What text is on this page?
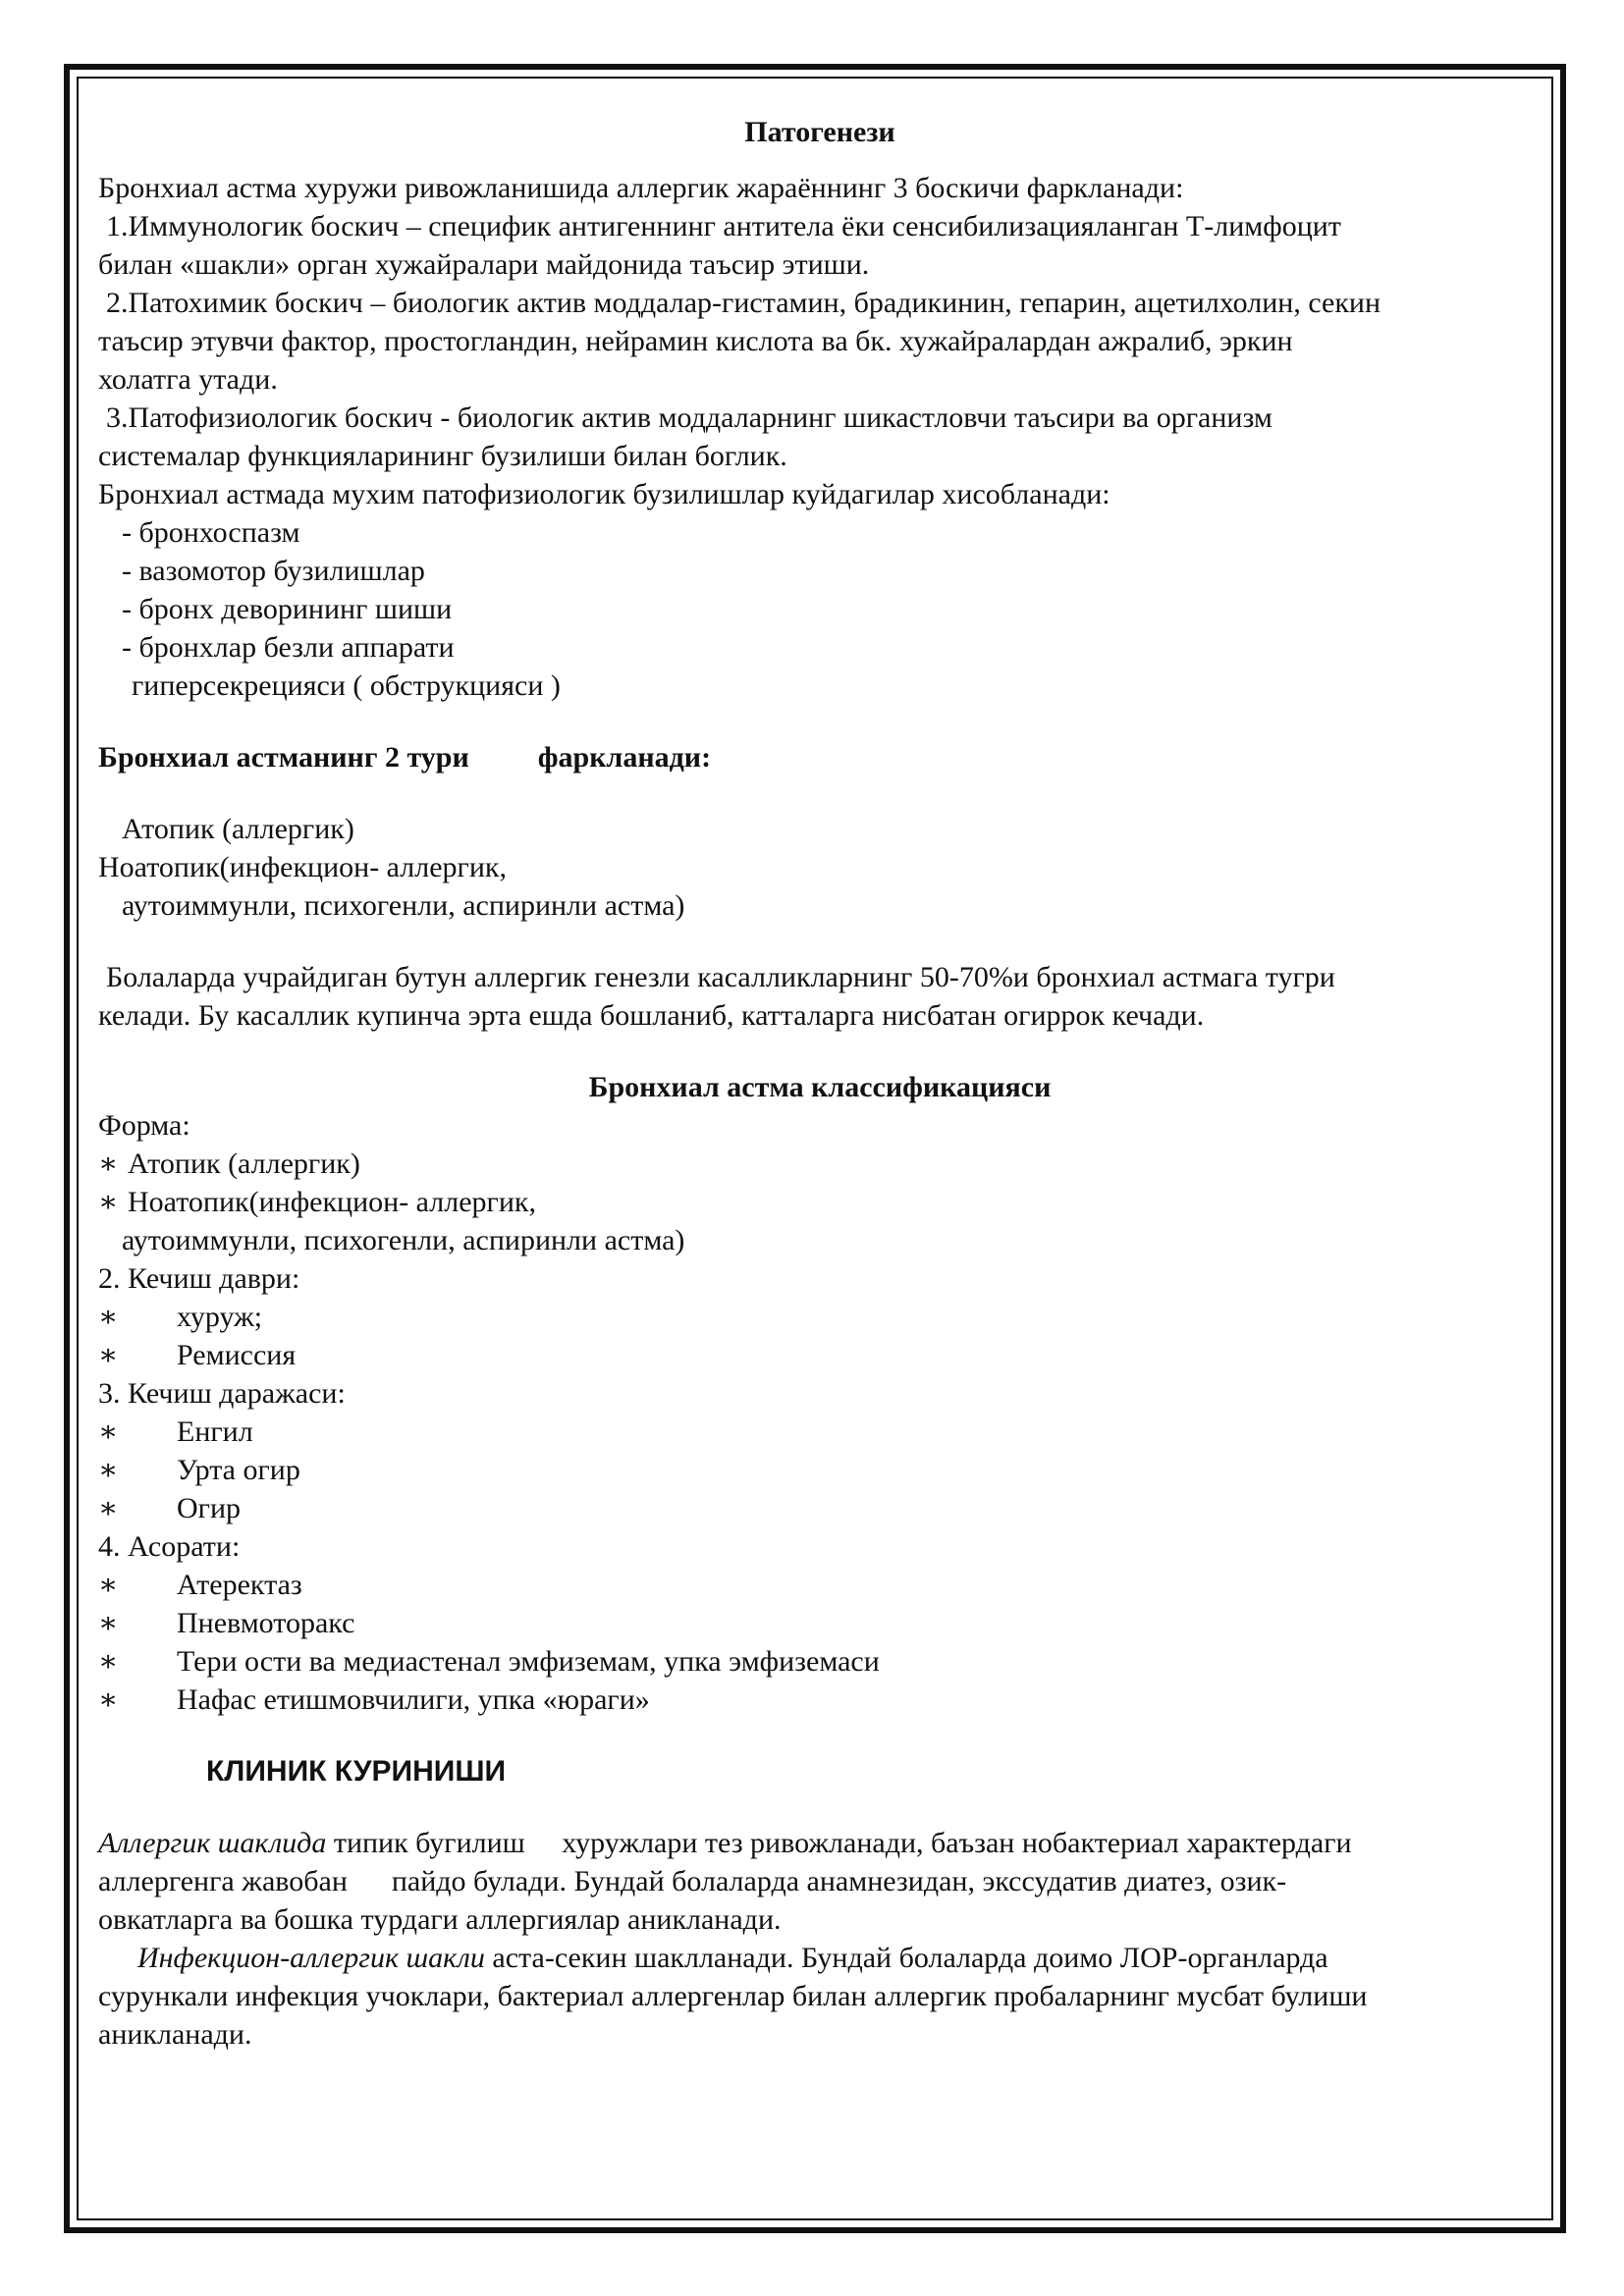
Патогенези
Бронхиал астма хуружи ривожланишида аллергик жараённинг 3 боскичи фаркланади:
1.Иммунологик боскич – специфик антигеннинг антитела ёки сенсибилизацияланган Т-лимфоцит
билан «шакли» орган хужайралари майдонида таъсир этиши.
2.Патохимик боскич – биологик актив моддалар-гистамин, брадикинин, гепарин, ацетилхолин, секин
таъсир этувчи фактор, простогландин, нейрамин кислота ва бк. хужайралардан ажралиб, эркин
холатга утади.
3.Патофизиологик боскич - биологик актив моддаларнинг шикастловчи таъсири ва организм
системалар функцияларининг бузилиши билан боглик.
Бронхиал астмада мухим патофизиологик бузилишлар куйдагилар хисобланади:
- бронхоспазм
- вазомотор бузилишлар
- бронх деворининг шиши
- бронхлар безли аппарати
гиперсекрецияси ( обструкцияси )
Бронхиал астманинг 2 тури фаркланади:
Атопик (аллергик)
Ноатопик(инфекцион- аллергик,
аутоиммунли, психогенли, аспиринли астма)
Болаларда учрайдиган бутун аллергик генезли касалликларнинг 50-70%и бронхиал астмага тугри
келади. Бу касаллик купинча эрта ешда бошланиб, катталарга нисбатан огиррок кечади.
Бронхиал астма классификацияси
Форма:
∗ Атопик (аллергик)
∗ Ноатопик(инфекцион- аллергик,
аутоиммунли, психогенли, аспиринли астма)
2. Кечиш даври:
∗	хуруж;
∗	Ремиссия
3. Кечиш даражаси:
∗	Енгил
∗	Урта огир
∗	Огир
4. Асорати:
∗	Атеректаз
∗	Пневмоторакс
∗	Тери ости ва медиастенал эмфиземам, упка эмфиземаси
∗	Нафас етишмовчилиги, упка «юраги»
КЛИНИК КУРИНИШИ
Аллергик шаклида типик бугилиш     хуружлари тез ривожланади, баъзан нобактериал характердаги
аллергенга жавобан      пайдо булади. Бундай болаларда анамнезидан, экссудатив диатез, озик-
овкатларга ва бошка турдаги аллергиялар аникланади.
Инфекцион-аллергик шакли аста-секин шаклланади. Бундай болаларда доимо ЛОР-органларда
сурункали инфекция учоклари, бактериал аллергенлар билан аллергик пробаларнинг мусбат булиши
аникланади.
